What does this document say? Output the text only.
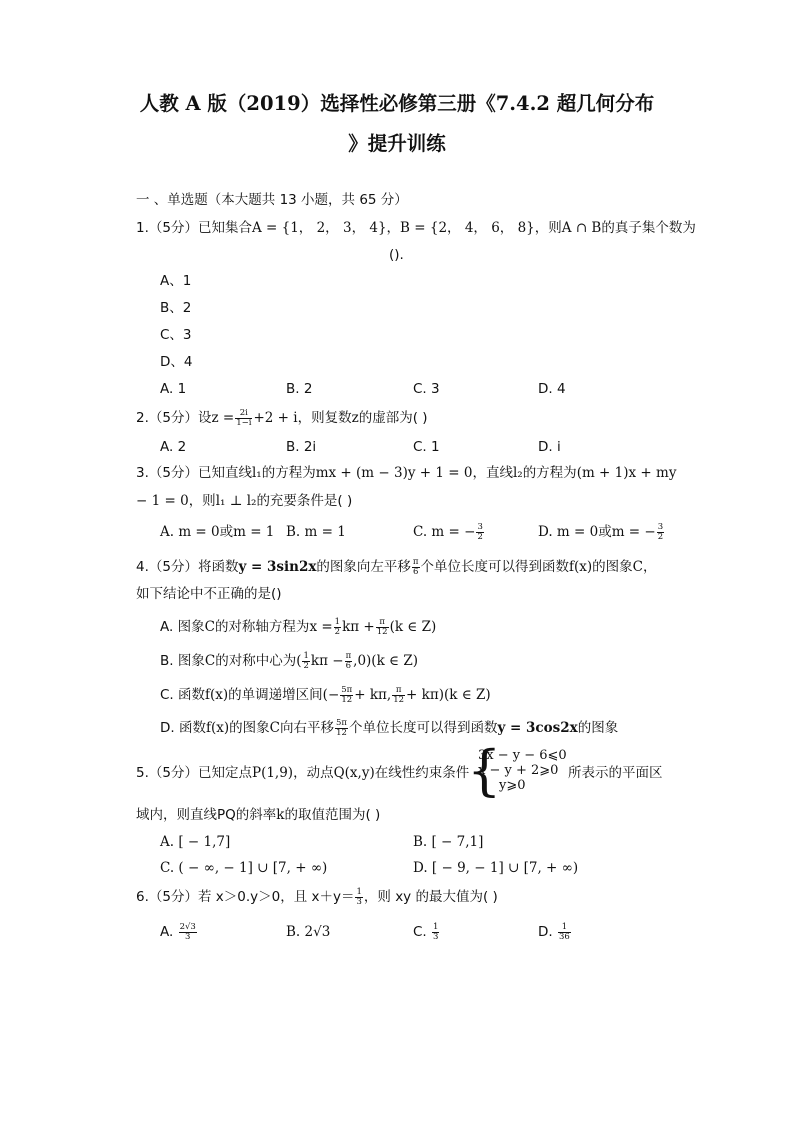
人教 A 版（2019）选择性必修第三册《7.4.2 超几何分布
》提升训练
一 、单选题（本大题共 13 小题，共 65 分）
1.（5分）已知集合A = {1， 2， 3， 4}，B = {2， 4， 6， 8}，则A ∩ B的真子集个数为
().
A、1
B、2
C、3
D、4
A. 1	B. 2	C. 3	D. 4
2.（5分）设$z = \frac{2i}{1-i} +2 + i$，则复数z的虚部为( )
A. 2	B. 2i	C. 1	D. i
3.（5分）已知直线l₁的方程为mx + (m − 3)y + 1 = 0，直线l₂的方程为(m + 1)x + my
− 1 = 0，则l₁ ⊥ l₂的充要条件是( )
A. m = 0或m = 1 B. m = 1	C. m = − $\frac{3}{2}$	D. m = 0或m = − $\frac{3}{2}$
4.（5分）将函数y = 3sin2x的图象向左平移 $\frac{\pi}{6}$ 个单位长度可以得到函数f(x)的图象C，
如下结论中不正确的是()
A. 图象C的对称轴方程为$x = \frac{1}{2}$ $k\pi + \frac{\pi}{12} (k$ ∈ Z)
B. 图象C的对称中心为( $\frac{1}{2}$ $k\pi - \frac{\pi}{6} ,0)(k$ ∈ Z)
C. 函数f(x)的单调递增区间(− $\frac{5\pi}{12} + k\pi$, $\frac{\pi}{12} + k\pi)(k$ ∈ Z)
D. 函数f(x)的图象C向右平移 $\frac{5\pi}{12}$ 个单位长度可以得到函数y = 3cos2x的图象
5.（5分）已知定点P(1,9)，动点Q(x,y)在线性约束条件
{
3x − y − 6⩽0
x − y + 2⩾0
y⩾0
所表示的平面区
域内，则直线PQ的斜率k的取值范围为( )
A. [ − 1,7]	B. [ − 7,1]
C. ( − ∞, − 1] ∪ [7, + ∞)	D. [ − 9, − 1] ∪ [7, + ∞)
6.（5分）若 x＞0.y＞0，且 $x+y= \frac{1}{3}$ ，则 xy 的最大值为( )
A. $\frac{2√3}{3}$	B. 2√3	C. $\frac{1}{3}$	D. $\frac{1}{36}$
